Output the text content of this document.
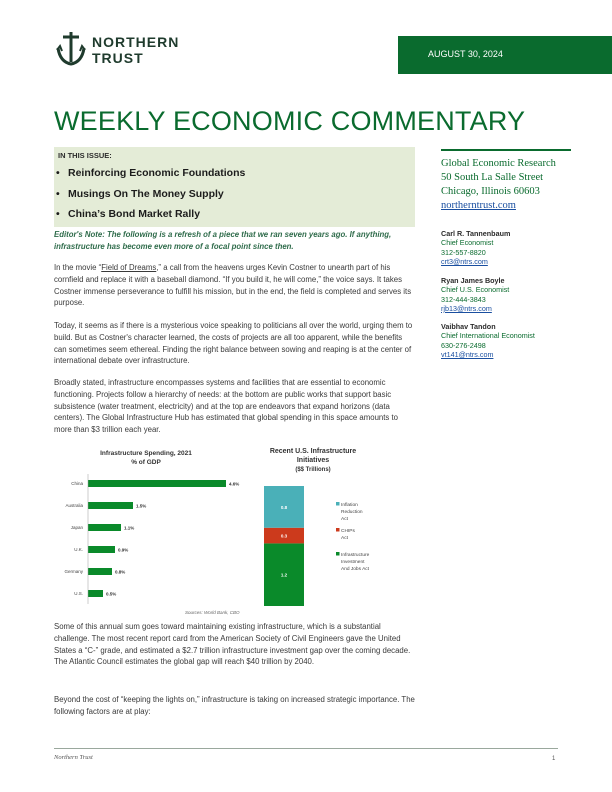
NORTHERN
TRUST	AUGUST 30, 2024
WEEKLY ECONOMIC COMMENTARY
IN THIS ISSUE:
• Reinforcing Economic Foundations
• Musings On The Money Supply
• China’s Bond Market Rally
Editor's Note: The following is a refresh of a piece that we ran seven years ago. If anything, infrastructure has become even more of a focal point since then.
In the movie “Field of Dreams,” a call from the heavens urges Kevin Costner to unearth part of his cornfield and replace it with a baseball diamond. “If you build it, he will come,” the voice says. It takes Costner immense perseverance to fulfill his mission, but in the end, the field is completed and serves its purpose.
Today, it seems as if there is a mysterious voice speaking to politicians all over the world, urging them to build. But as Costner's character learned, the costs of projects are all too apparent, while the benefits can sometimes seem ethereal. Finding the right balance between sowing and reaping is at the center of international debate over infrastructure.
Broadly stated, infrastructure encompasses systems and facilities that are essential to economic functioning. Projects follow a hierarchy of needs: at the bottom are public works that support basic subsistence (water treatment, electricity) and at the top are endeavors that expand horizons (data centers). The Global Infrastructure Hub has estimated that global spending in this space amounts to more than $3 trillion each year.
Infrastructure Spending, 2021
% of GDP
China	4.6%
Australia	1.5%
Japan	1.1%
U.K.	0.9%
Germany	0.8%
U.S.	0.5%
Recent U.S. Infrastructure
Initiatives
($$ Trillions)
1.2
0.3
0.8	Inflation
Reduction
Act
CHIPs
Act
Infrastructure
Investment
And Jobs Act
Sources: World Bank, CBO
Some of this annual sum goes toward maintaining existing infrastructure, which is a substantial challenge. The most recent report card from the American Society of Civil Engineers gave the United States a “C-” grade, and estimated a $2.7 trillion infrastructure investment gap over the coming decade. The Atlantic Council estimates the global gap will reach $40 trillion by 2040.
Beyond the cost of “keeping the lights on,” infrastructure is taking on increased strategic importance. The following factors are at play:
Global Economic Research
50 South La Salle Street
Chicago, Illinois 60603
northerntrust.com
Carl R. Tannenbaum
Chief Economist
312-557-8820
crt3@ntrs.com
Ryan James Boyle
Chief U.S. Economist
312-444-3843
rjb13@ntrs.com
Vaibhav Tandon
Chief International Economist
630-276-2498
vt141@ntrs.com
Northern Trust	1
